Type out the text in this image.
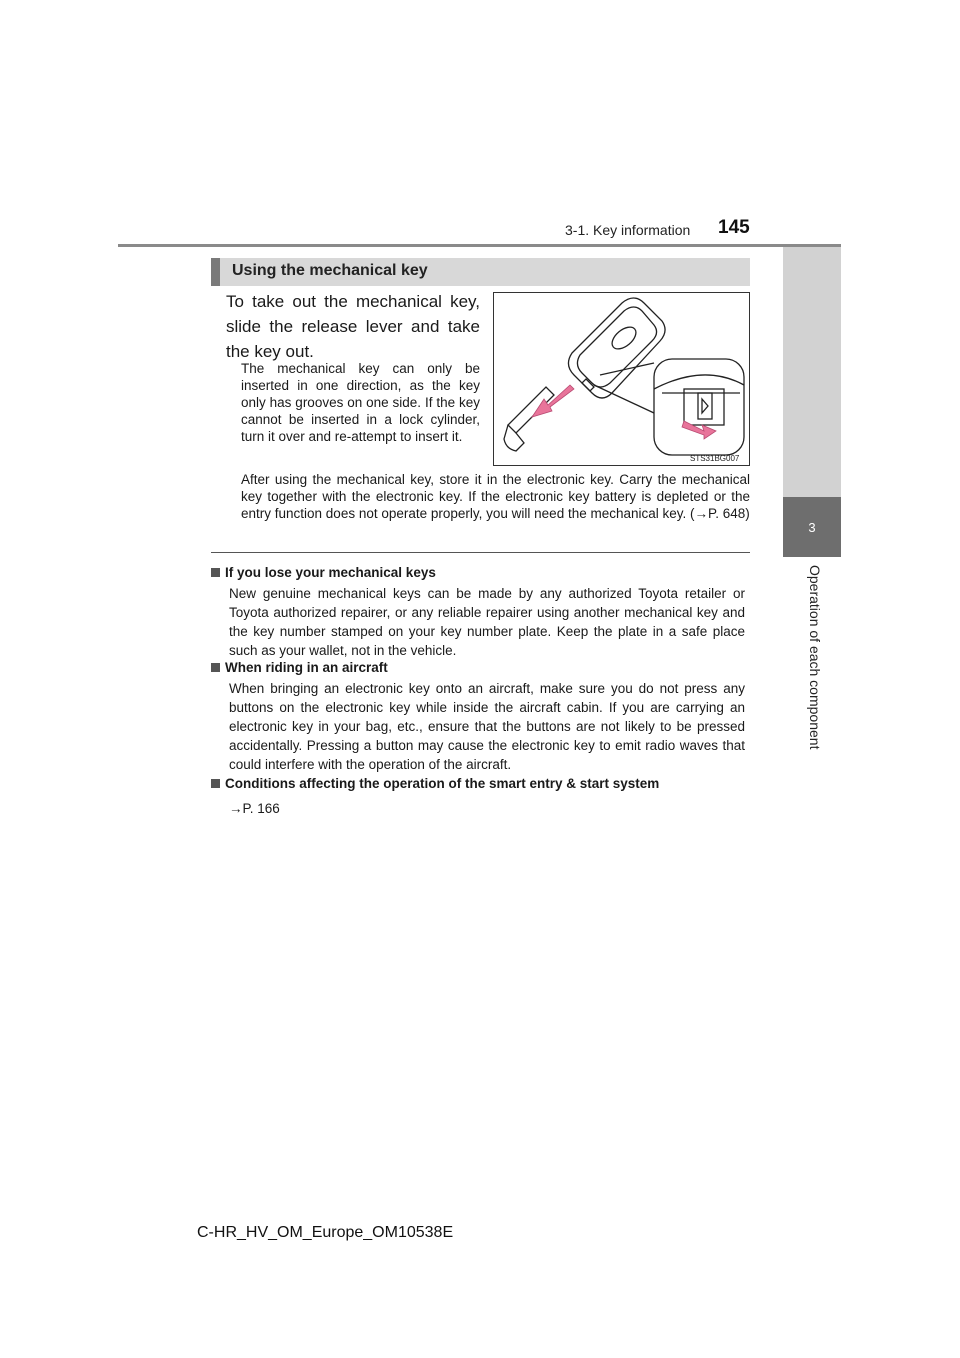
3-1. Key information 145
3
Operation of each component
Using the mechanical key
To take out the mechanical key, slide the release lever and take the key out.
The mechanical key can only be inserted in one direction, as the key only has grooves on one side. If the key cannot be inserted in a lock cylinder, turn it over and re-attempt to insert it.
STS31BG007
After using the mechanical key, store it in the electronic key. Carry the mechanical key together with the electronic key. If the electronic key battery is depleted or the entry function does not operate properly, you will need the mechanical key. (→P. 648)
If you lose your mechanical keys
New genuine mechanical keys can be made by any authorized Toyota retailer or Toyota authorized repairer, or any reliable repairer using another mechanical key and the key number stamped on your key number plate. Keep the plate in a safe place such as your wallet, not in the vehicle.
When riding in an aircraft
When bringing an electronic key onto an aircraft, make sure you do not press any buttons on the electronic key while inside the aircraft cabin. If you are carrying an electronic key in your bag, etc., ensure that the buttons are not likely to be pressed accidentally. Pressing a button may cause the electronic key to emit radio waves that could interfere with the operation of the aircraft.
Conditions affecting the operation of the smart entry & start system
→P. 166
C-HR_HV_OM_Europe_OM10538E
